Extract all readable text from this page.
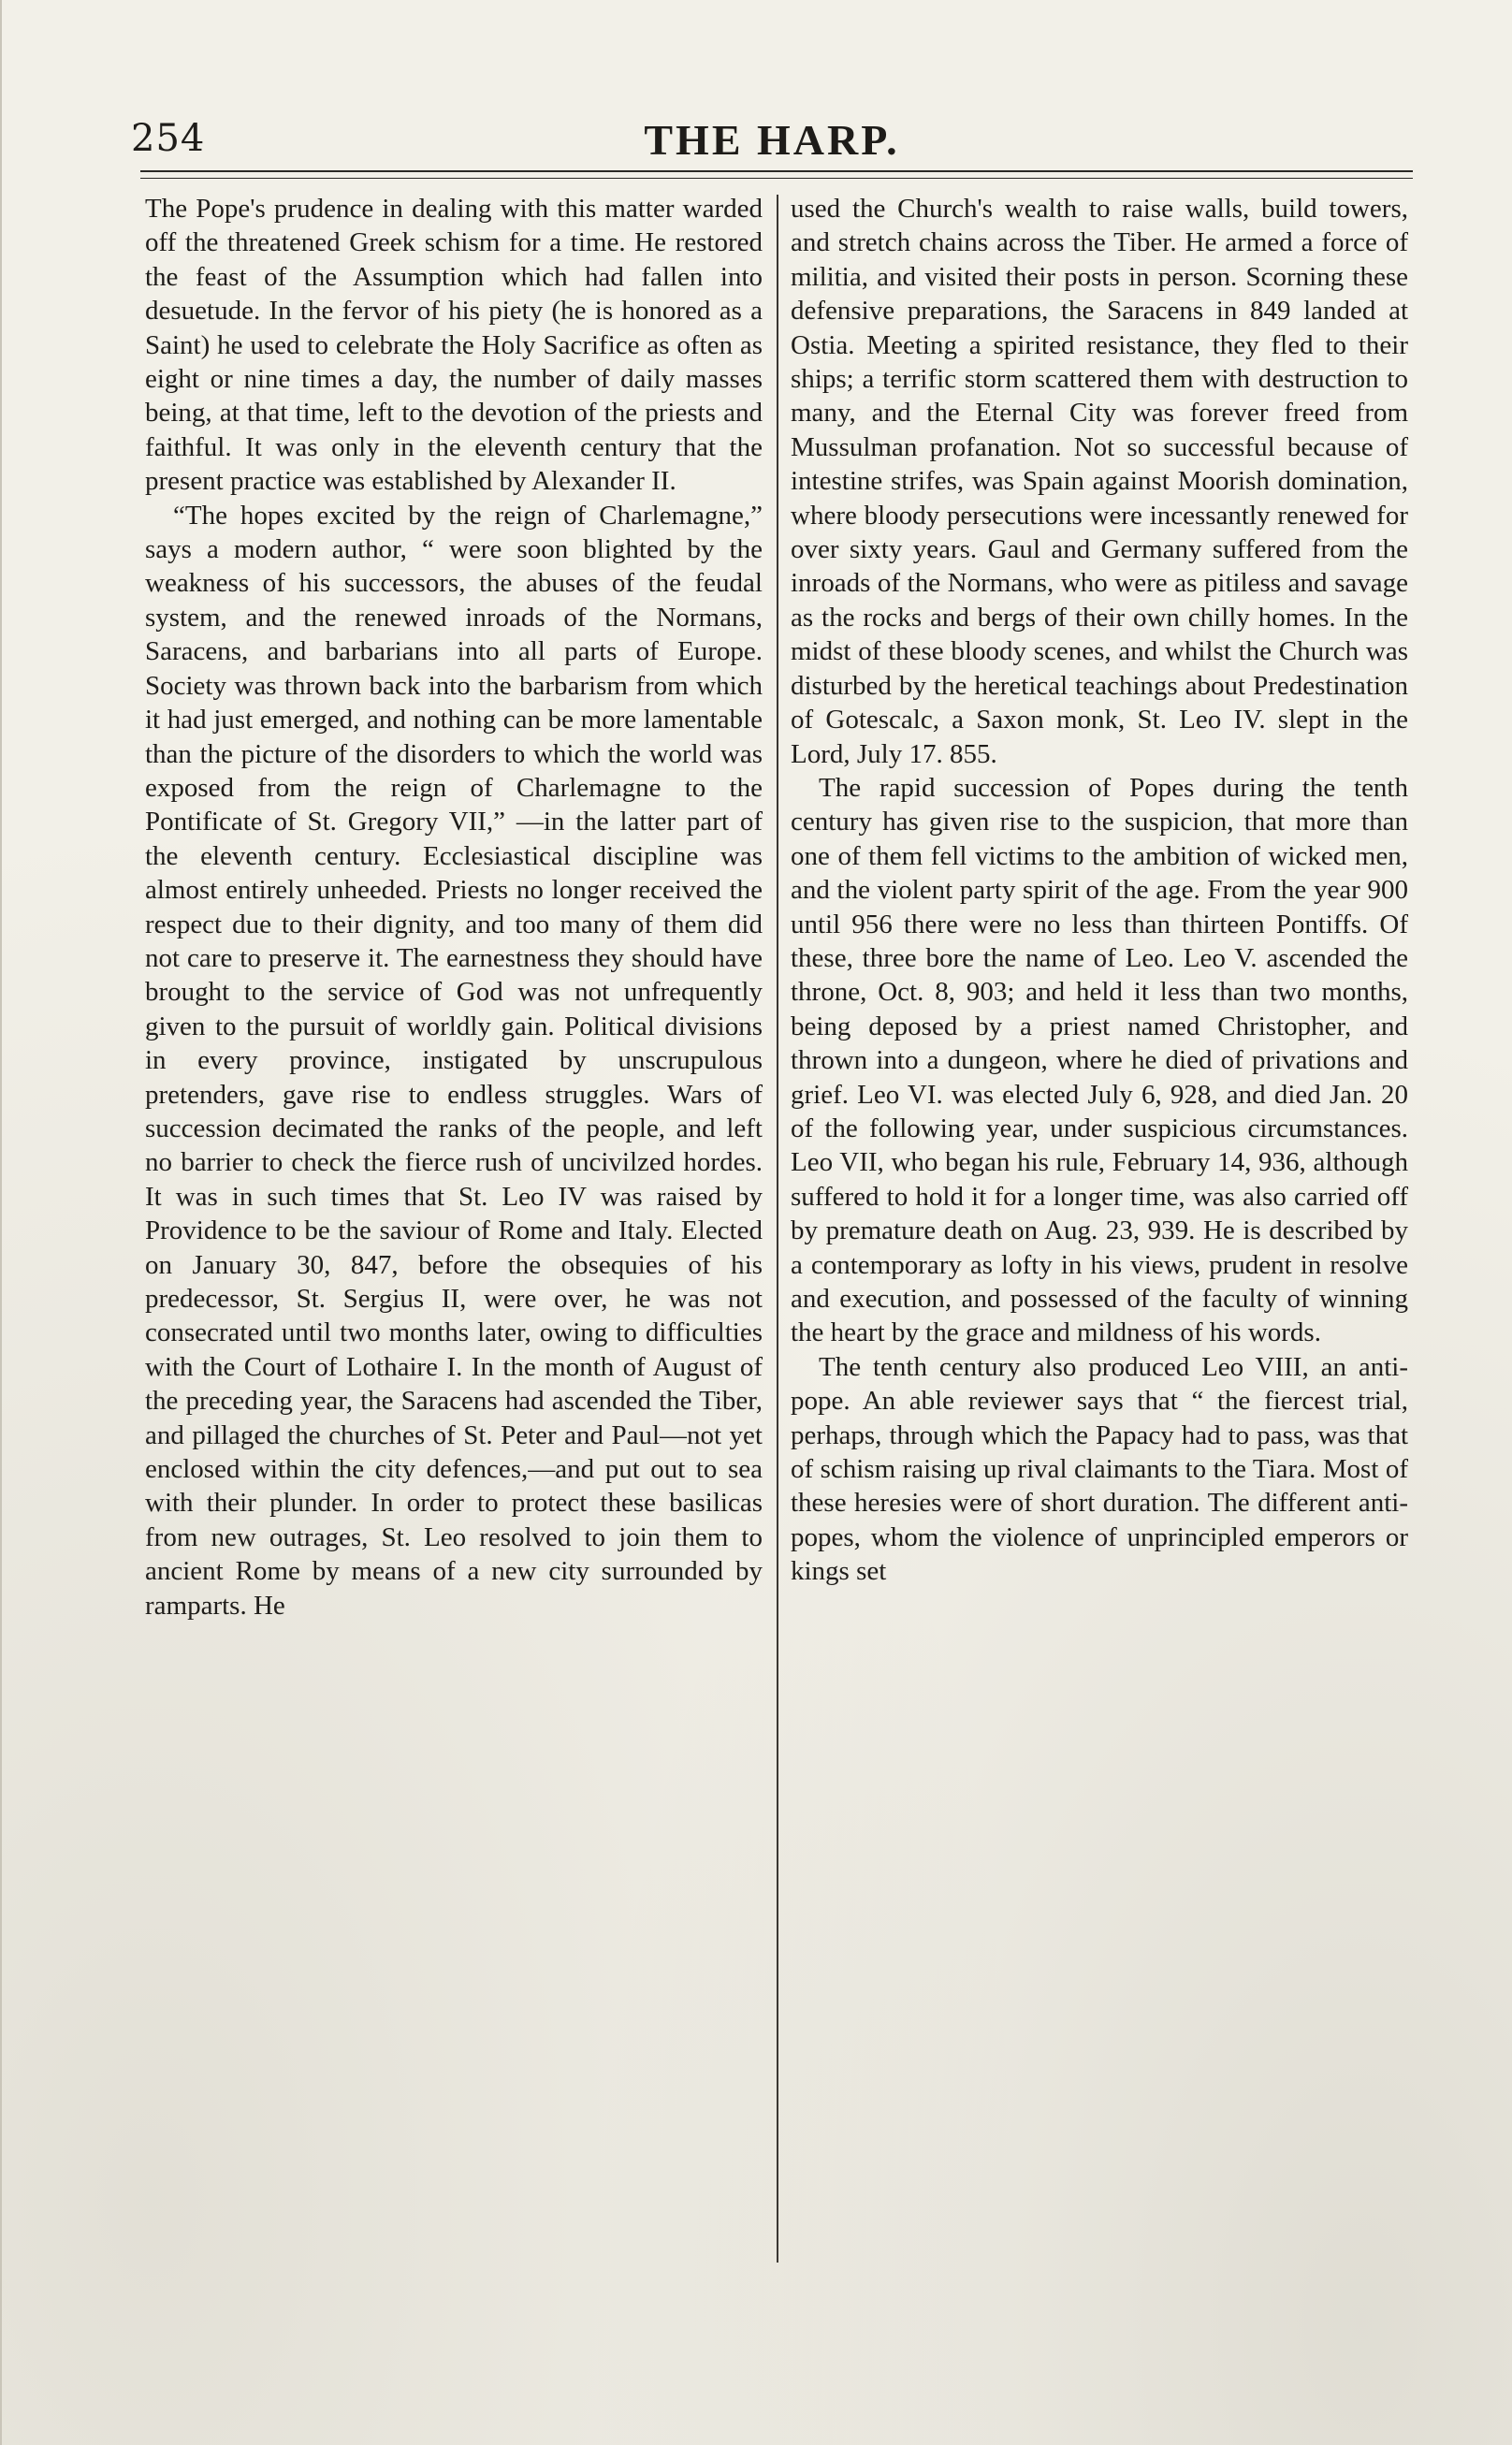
254	THE HARP.

The Pope's prudence in dealing with this matter warded off the threatened Greek schism for a time. He restored the feast of the Assumption which had fallen into desuetude. In the fervor of his piety (he is honored as a Saint) he used to celebrate the Holy Sacrifice as often as eight or nine times a day, the number of daily masses being, at that time, left to the devotion of the priests and faithful. It was only in the eleventh century that the present practice was established by Alexander II.

“The hopes excited by the reign of Charlemagne,” says a modern author, “ were soon blighted by the weakness of his successors, the abuses of the feudal system, and the renewed inroads of the Normans, Saracens, and barbarians into all parts of Europe. Society was thrown back into the barbarism from which it had just emerged, and nothing can be more lamentable than the picture of the disorders to which the world was exposed from the reign of Charlemagne to the Pontificate of St. Gregory VII,” —in the latter part of the eleventh century. Ecclesiastical discipline was almost entirely unheeded. Priests no longer received the respect due to their dignity, and too many of them did not care to preserve it. The earnestness they should have brought to the service of God was not unfrequently given to the pursuit of worldly gain. Political divisions in every province, instigated by unscrupulous pretenders, gave rise to endless struggles. Wars of succession decimated the ranks of the people, and left no barrier to check the fierce rush of uncivilzed hordes. It was in such times that St. Leo IV was raised by Providence to be the saviour of Rome and Italy. Elected on January 30, 847, before the obsequies of his predecessor, St. Sergius II, were over, he was not consecrated until two months later, owing to difficulties with the Court of Lothaire I. In the month of August of the preceding year, the Saracens had ascended the Tiber, and pillaged the churches of St. Peter and Paul—not yet enclosed within the city defences,—and put out to sea with their plunder. In order to protect these basilicas from new outrages, St. Leo resolved to join them to ancient Rome by means of a new city surrounded by ramparts. He

used the Church's wealth to raise walls, build towers, and stretch chains across the Tiber. He armed a force of militia, and visited their posts in person. Scorning these defensive preparations, the Saracens in 849 landed at Ostia. Meeting a spirited resistance, they fled to their ships; a terrific storm scattered them with destruction to many, and the Eternal City was forever freed from Mussulman profanation. Not so successful because of intestine strifes, was Spain against Moorish domination, where bloody persecutions were incessantly renewed for over sixty years. Gaul and Germany suffered from the inroads of the Normans, who were as pitiless and savage as the rocks and bergs of their own chilly homes. In the midst of these bloody scenes, and whilst the Church was disturbed by the heretical teachings about Predestination of Gotescalc, a Saxon monk, St. Leo IV. slept in the Lord, July 17. 855.

The rapid succession of Popes during the tenth century has given rise to the suspicion, that more than one of them fell victims to the ambition of wicked men, and the violent party spirit of the age. From the year 900 until 956 there were no less than thirteen Pontiffs. Of these, three bore the name of Leo. Leo V. ascended the throne, Oct. 8, 903; and held it less than two months, being deposed by a priest named Christopher, and thrown into a dungeon, where he died of privations and grief. Leo VI. was elected July 6, 928, and died Jan. 20 of the following year, under suspicious circumstances. Leo VII, who began his rule, February 14, 936, although suffered to hold it for a longer time, was also carried off by premature death on Aug. 23, 939. He is described by a contemporary as lofty in his views, prudent in resolve and execution, and possessed of the faculty of winning the heart by the grace and mildness of his words.

The tenth century also produced Leo VIII, an anti-pope. An able reviewer says that “ the fiercest trial, perhaps, through which the Papacy had to pass, was that of schism raising up rival claimants to the Tiara. Most of these heresies were of short duration. The different anti-popes, whom the violence of unprincipled emperors or kings set
